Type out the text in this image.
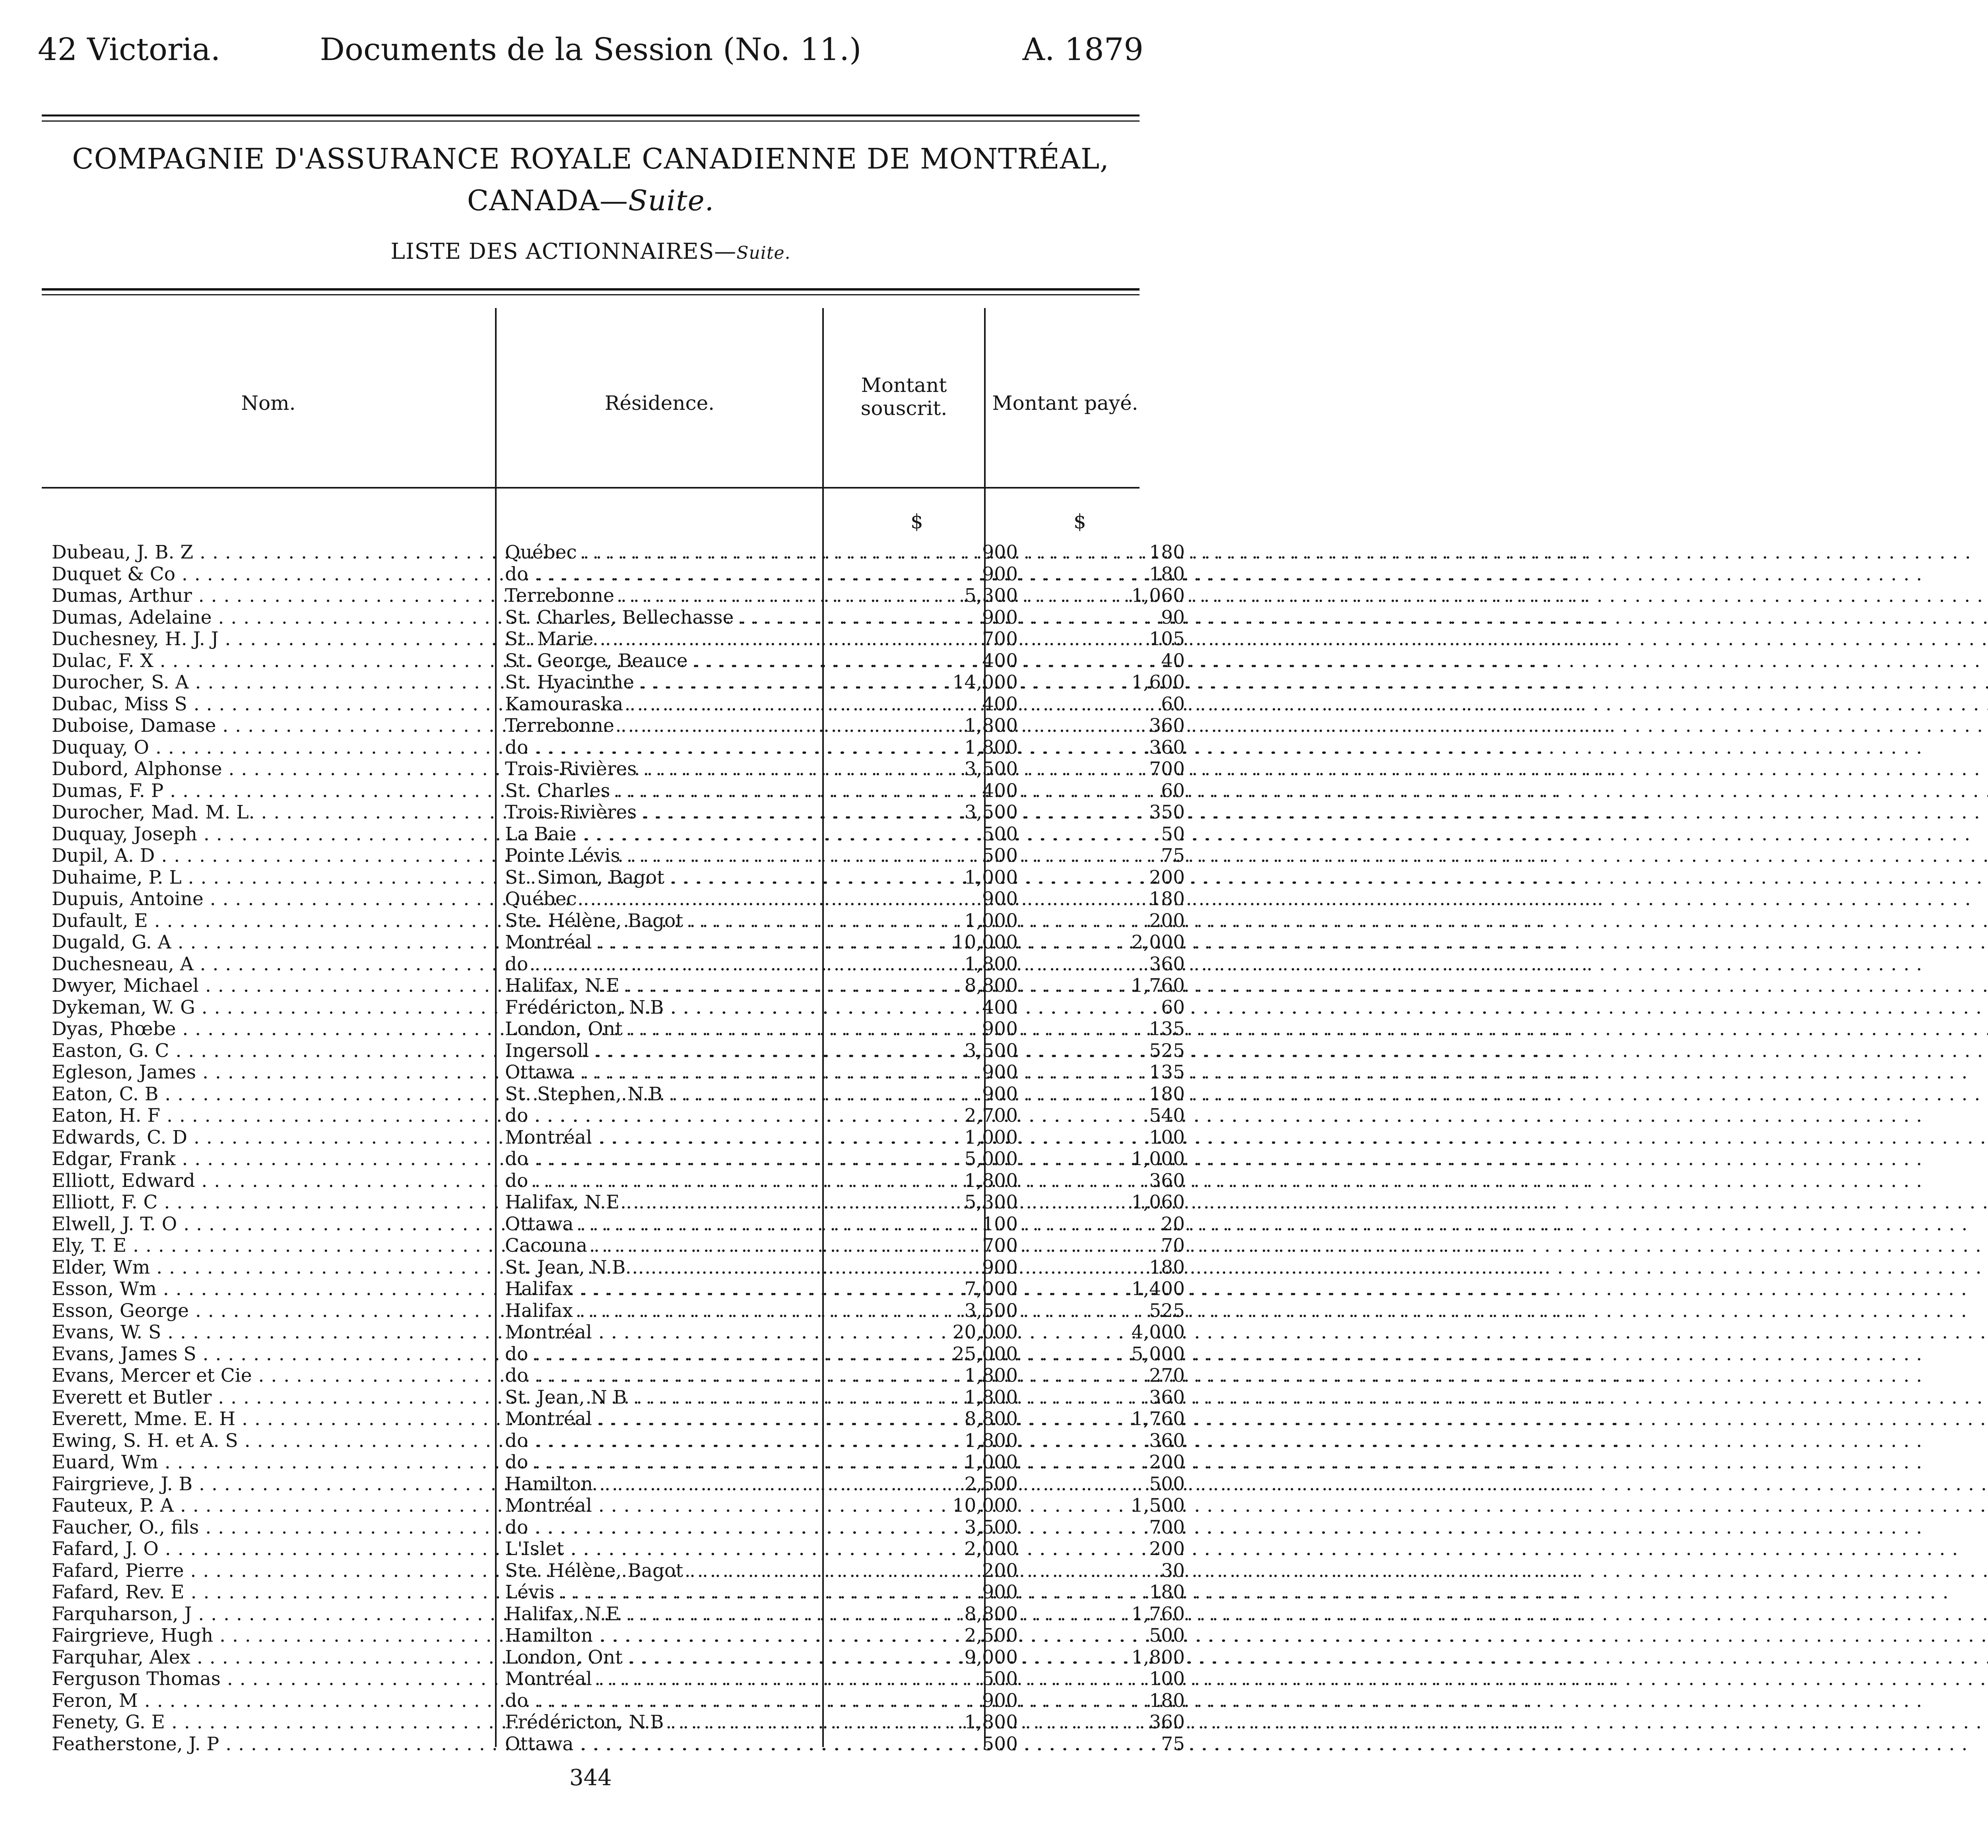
42 Victoria.	Documents de la Session (No. 11.)	A. 1879
COMPAGNIE D'ASSURANCE ROYALE CANADIENNE DE MONTRÉAL,
CANADA—Suite.
LISTE DES ACTIONNAIRES—Suite.
Nom.	Résidence.
Montant
souscrit.	Montant payé.
$	$
Dubeau, J. B. Z . . .	Québec . . .	900	180
Duquet & Co . . .	do . . .	900	180
Dumas, Arthur . . .	Terrebonne . . .	5,300	1,060
Dumas, Adelaine . . .	St. Charles, Bellechasse . . .	900	90
Duchesney, H. J. J . . .	St. Marie . . .	700	105
Dulac, F. X . . .	St. George, Beauce . . .	400	40
Durocher, S. A . . .	St. Hyacinthe . . .	14,000	1,600
Dubac, Miss S . . .	Kamouraska . . .	400	60
Duboise, Damase . . .	Terrebonne . . .	1,800	360
Duquay, O . . .	do . . .	1,800	360
Dubord, Alphonse . . .	Trois-Rivières . . .	3,500	700
Dumas, F. P . . .	St. Charles . . .	400	60
Durocher, Mad. M. L. . . .	Trois-Rivières . . .	3,500	350
Duquay, Joseph . . .	La Baie . . .	500	50
Dupil, A. D . . .	Pointe Lévis . . .	500	75
Duhaime, P. L . . .	St. Simon, Bagot . . .	1,000	200
Dupuis, Antoine . . .	Québec . . .	900	180
Dufault, E . . .	Ste. Hélène, Bagot . . .	1,000	200
Dugald, G. A . . .	Montréal . . .	10,000	2,000
Duchesneau, A . . .	do . . .	1,800	360
Dwyer, Michael . . .	Halifax, N.E . . .	8,800	1,760
Dykeman, W. G . . .	Frédéricton, N.B . . .	400	60
Dyas, Phœbe . . .	London, Ont . . .	900	135
Easton, G. C . . .	Ingersoll . . .	3,500	525
Egleson, James . . .	Ottawa . . .	900	135
Eaton, C. B . . .	St. Stephen, N.B . . .	900	180
Eaton, H. F . . .	do . . .	2,700	540
Edwards, C. D . . .	Montréal . . .	1,000	100
Edgar, Frank . . .	do . . .	5,000	1,000
Elliott, Edward . . .	do . . .	1,800	360
Elliott, F. C . . .	Halifax, N.E . . .	5,300	1,060
Elwell, J. T. O . . .	Ottawa . . .	100	20
Ely, T. E . . .	Cacouna . . .	700	70
Elder, Wm . . .	St. Jean, N.B . . .	900	180
Esson, Wm . . .	Halifax . . .	7,000	1,400
Esson, George . . .	Halifax . . .	3,500	525
Evans, W. S . . .	Montréal . . .	20,000	4,000
Evans, James S . . .	do . . .	25,000	5,000
Evans, Mercer et Cie . . .	do . . .	1,800	270
Everett et Butler . . .	St. Jean, N B . . .	1,800	360
Everett, Mme. E. H . . .	Montréal . . .	8,800	1,760
Ewing, S. H. et A. S . . .	do . . .	1,800	360
Euard, Wm . . .	do . . .	1,000	200
Fairgrieve, J. B . . .	Hamilton . . .	2,500	500
Fauteux, P. A . . .	Montréal . . .	10,000	1,500
Faucher, O., fils . . .	do . . .	3,500	700
Fafard, J. O . . .	L'Islet . . .	2,000	200
Fafard, Pierre . . .	Ste. Hélène, Bagot . . .	200	30
Fafard, Rev. E . . .	Lévis . . .	900	180
Farquharson, J . . .	Halifax, N.E . . .	8,800	1,760
Fairgrieve, Hugh . . .	Hamilton . . .	2,500	500
Farquhar, Alex . . .	London, Ont . . .	9,000	1,800
Ferguson Thomas . . .	Montréal . . .	500	100
Feron, M . . .	do . . .	900	180
Fenety, G. E . . .	Frédéricton, N.B . . .	1,800	360
Featherstone, J. P . . .	Ottawa . . .	500	75
344
